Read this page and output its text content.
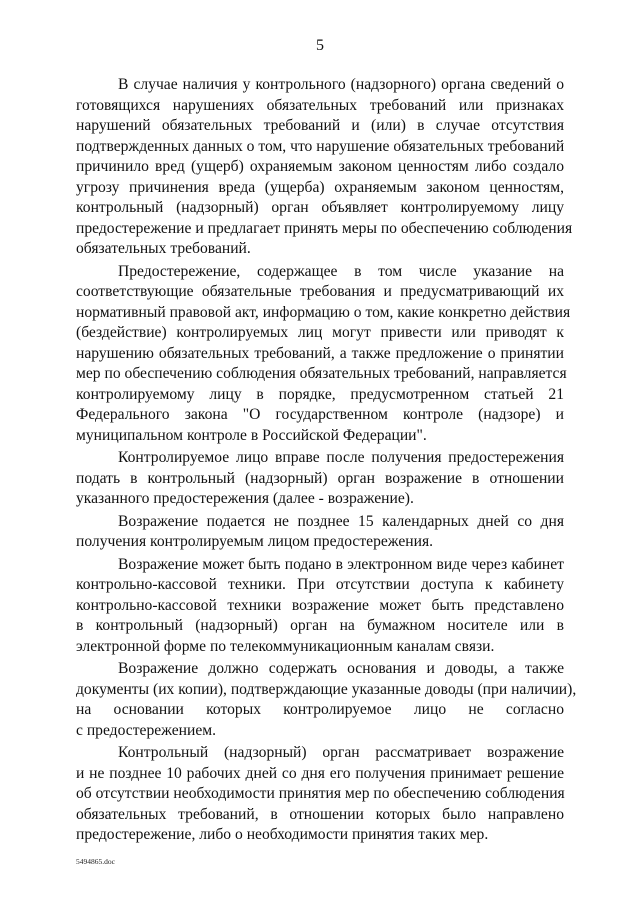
5
В случае наличия у контрольного (надзорного) органа сведений о
готовящихся нарушениях обязательных требований или признаках
нарушений обязательных требований и (или) в случае отсутствия
подтвержденных данных о том, что нарушение обязательных требований
причинило вред (ущерб) охраняемым законом ценностям либо создало
угрозу причинения вреда (ущерба) охраняемым законом ценностям,
контрольный (надзорный) орган объявляет контролируемому лицу
предостережение и предлагает принять меры по обеспечению соблюдения
обязательных требований.
Предостережение, содержащее в том числе указание на
соответствующие обязательные требования и предусматривающий их
нормативный правовой акт, информацию о том, какие конкретно действия
(бездействие) контролируемых лиц могут привести или приводят к
нарушению обязательных требований, а также предложение о принятии
мер по обеспечению соблюдения обязательных требований, направляется
контролируемому лицу в порядке, предусмотренном статьей 21
Федерального закона "О государственном контроле (надзоре) и
муниципальном контроле в Российской Федерации".
Контролируемое лицо вправе после получения предостережения
подать в контрольный (надзорный) орган возражение в отношении
указанного предостережения (далее - возражение).
Возражение подается не позднее 15 календарных дней со дня
получения контролируемым лицом предостережения.
Возражение может быть подано в электронном виде через кабинет
контрольно-кассовой техники. При отсутствии доступа к кабинету
контрольно-кассовой техники возражение может быть представлено
в контрольный (надзорный) орган на бумажном носителе или в
электронной форме по телекоммуникационным каналам связи.
Возражение должно содержать основания и доводы, а также
документы (их копии), подтверждающие указанные доводы (при наличии),
на основании которых контролируемое лицо не согласно
с предостережением.
Контрольный (надзорный) орган рассматривает возражение
и не позднее 10 рабочих дней со дня его получения принимает решение
об отсутствии необходимости принятия мер по обеспечению соблюдения
обязательных требований, в отношении которых было направлено
предостережение, либо о необходимости принятия таких мер.
5494865.doc
